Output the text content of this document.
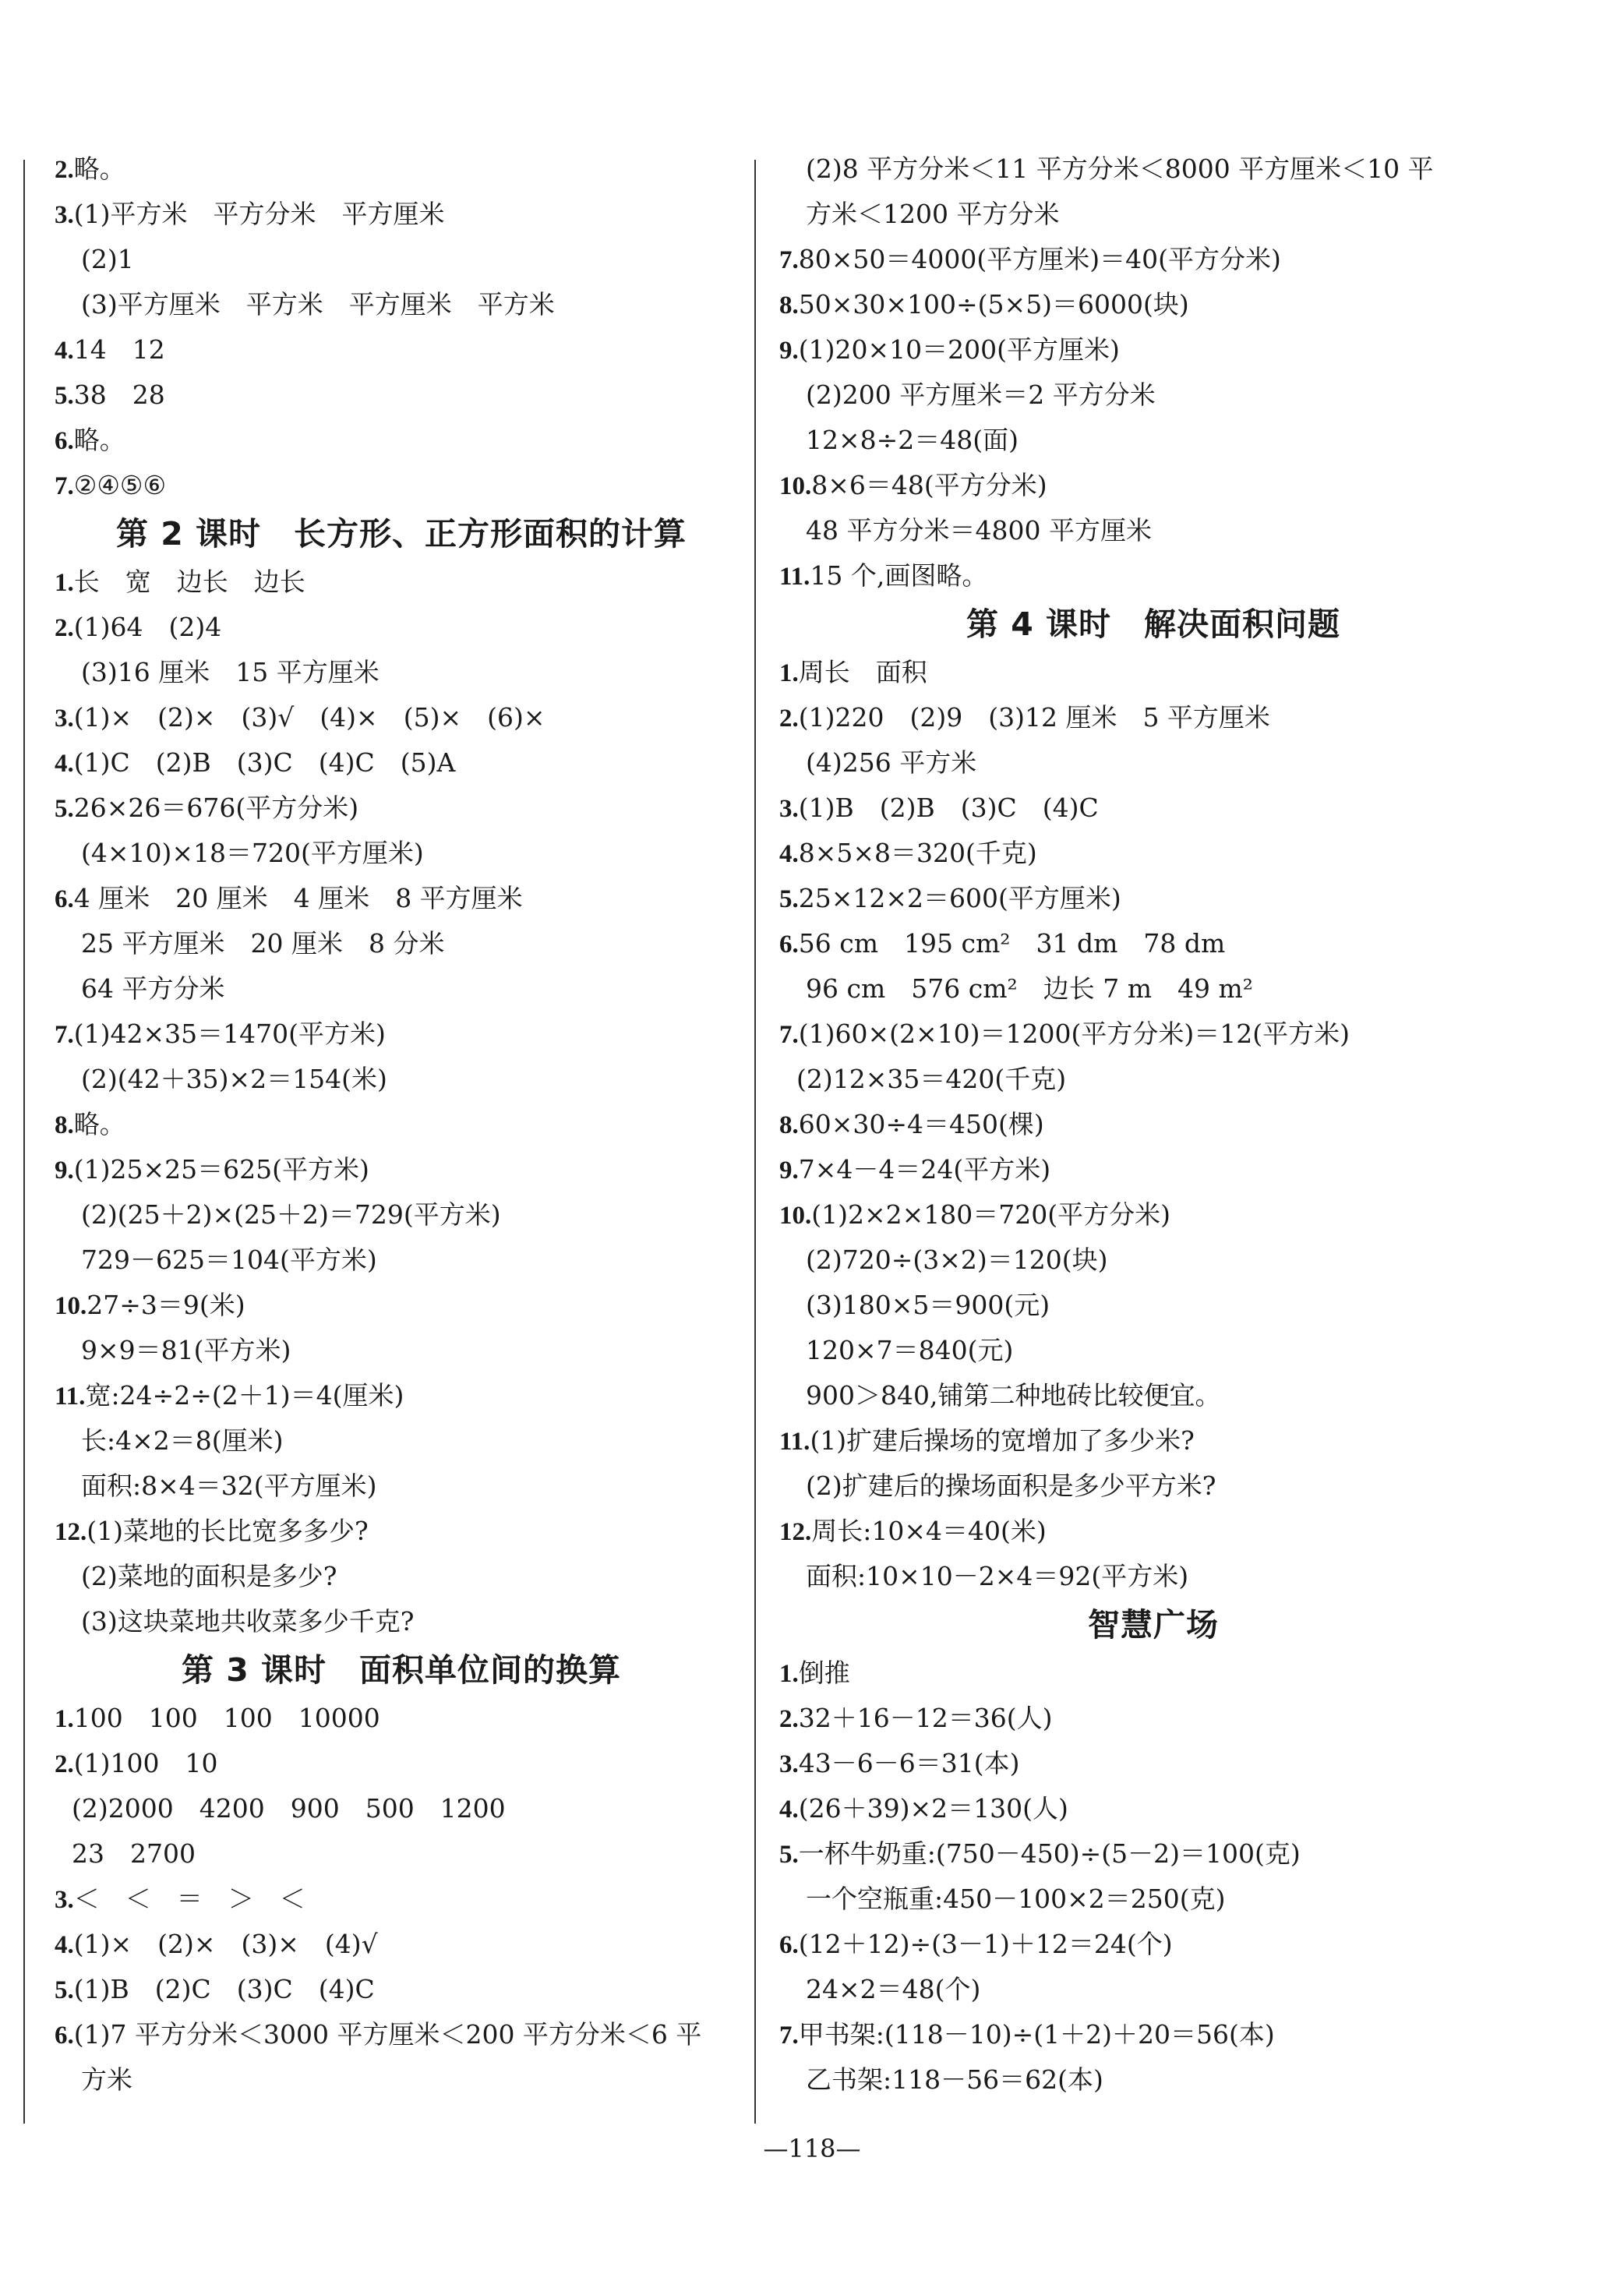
2.略。
3.(1)平方米　平方分米　平方厘米
(2)1
(3)平方厘米　平方米　平方厘米　平方米
4.14　12
5.38　28
6.略。
7.②④⑤⑥
第 2 课时　长方形、正方形面积的计算
1.长　宽　边长　边长
2.(1)64　(2)4
(3)16 厘米　15 平方厘米
3.(1)×　(2)×　(3)√　(4)×　(5)×　(6)×
4.(1)C　(2)B　(3)C　(4)C　(5)A
5.26×26＝676(平方分米)
(4×10)×18＝720(平方厘米)
6.4 厘米　20 厘米　4 厘米　8 平方厘米
25 平方厘米　20 厘米　8 分米
64 平方分米
7.(1)42×35＝1470(平方米)
(2)(42＋35)×2＝154(米)
8.略。
9.(1)25×25＝625(平方米)
(2)(25＋2)×(25＋2)＝729(平方米)
729－625＝104(平方米)
10.27÷3＝9(米)
9×9＝81(平方米)
11.宽:24÷2÷(2＋1)＝4(厘米)
长:4×2＝8(厘米)
面积:8×4＝32(平方厘米)
12.(1)菜地的长比宽多多少?
(2)菜地的面积是多少?
(3)这块菜地共收菜多少千克?
第 3 课时　面积单位间的换算
1.100　100　100　10000
2.(1)100　10
(2)2000　4200　900　500　1200
23　2700
3.＜　＜　＝　＞　＜
4.(1)×　(2)×　(3)×　(4)√
5.(1)B　(2)C　(3)C　(4)C
6.(1)7 平方分米＜3000 平方厘米＜200 平方分米＜6 平
方米
(2)8 平方分米＜11 平方分米＜8000 平方厘米＜10 平
方米＜1200 平方分米
7.80×50＝4000(平方厘米)＝40(平方分米)
8.50×30×100÷(5×5)＝6000(块)
9.(1)20×10＝200(平方厘米)
(2)200 平方厘米＝2 平方分米
12×8÷2＝48(面)
10.8×6＝48(平方分米)
48 平方分米＝4800 平方厘米
11.15 个,画图略。
第 4 课时　解决面积问题
1.周长　面积
2.(1)220　(2)9　(3)12 厘米　5 平方厘米
(4)256 平方米
3.(1)B　(2)B　(3)C　(4)C
4.8×5×8＝320(千克)
5.25×12×2＝600(平方厘米)
6.56 cm　195 cm²　31 dm　78 dm
96 cm　576 cm²　边长 7 m　49 m²
7.(1)60×(2×10)＝1200(平方分米)＝12(平方米)
(2)12×35＝420(千克)
8.60×30÷4＝450(棵)
9.7×4－4＝24(平方米)
10.(1)2×2×180＝720(平方分米)
(2)720÷(3×2)＝120(块)
(3)180×5＝900(元)
120×7＝840(元)
900＞840,铺第二种地砖比较便宜。
11.(1)扩建后操场的宽增加了多少米?
(2)扩建后的操场面积是多少平方米?
12.周长:10×4＝40(米)
面积:10×10－2×4＝92(平方米)
智慧广场
1.倒推
2.32＋16－12＝36(人)
3.43－6－6＝31(本)
4.(26＋39)×2＝130(人)
5.一杯牛奶重:(750－450)÷(5－2)＝100(克)
一个空瓶重:450－100×2＝250(克)
6.(12＋12)÷(3－1)＋12＝24(个)
24×2＝48(个)
7.甲书架:(118－10)÷(1＋2)＋20＝56(本)
乙书架:118－56＝62(本)
—118—
